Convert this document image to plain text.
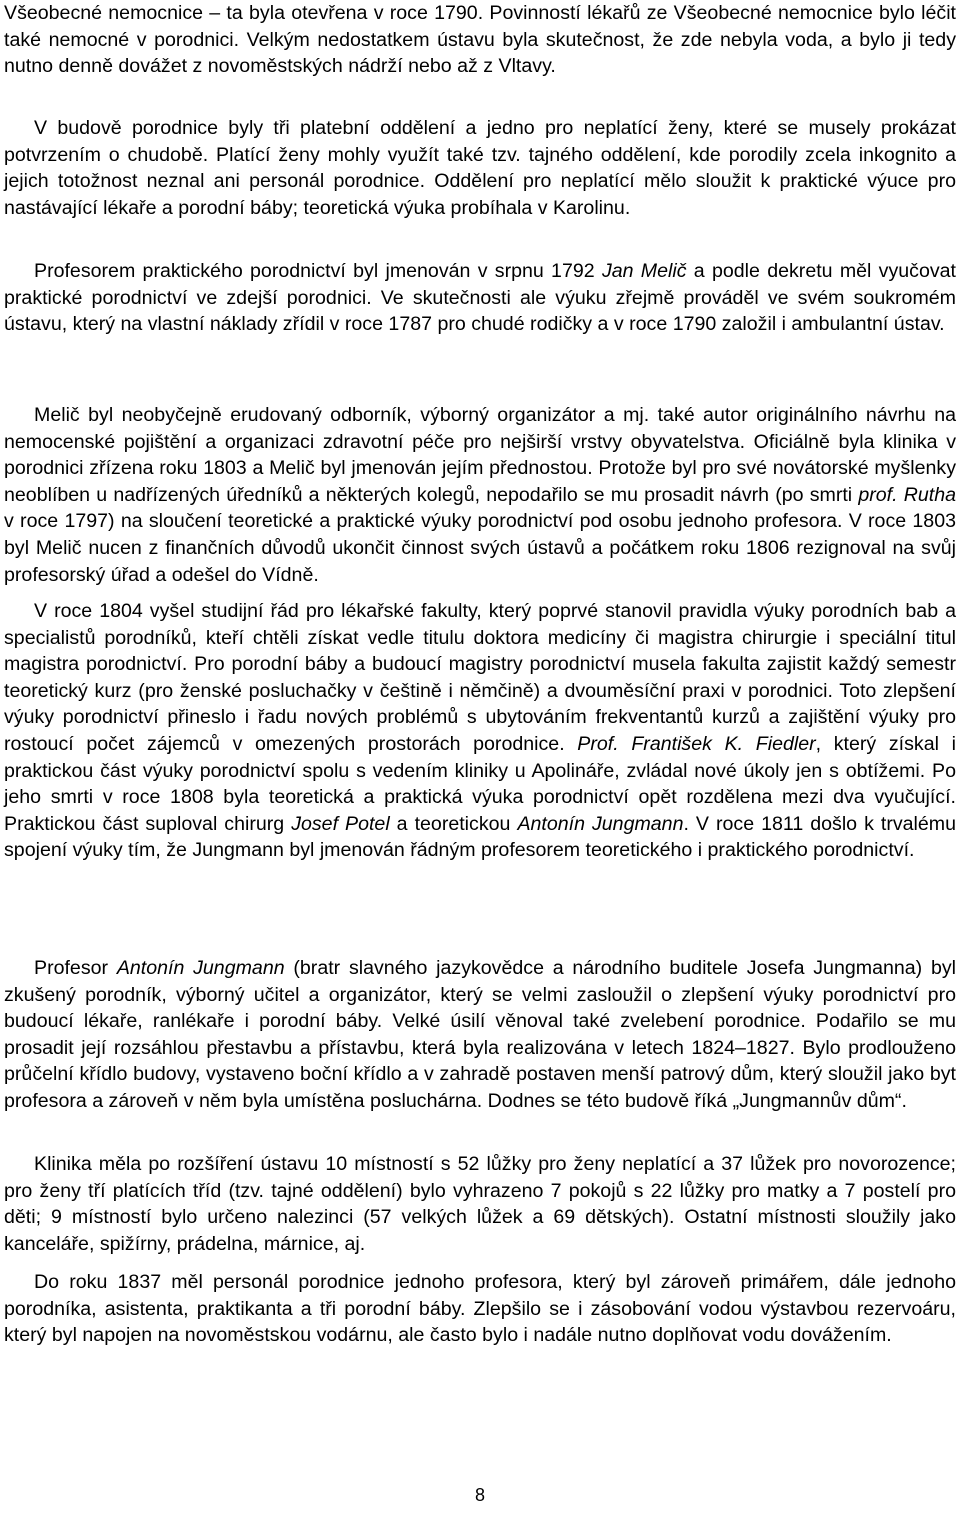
Všeobecné nemocnice – ta byla otevřena v roce 1790. Povinností lékařů ze Všeobecné nemocnice bylo léčit také nemocné v porodnici. Velkým nedostatkem ústavu byla skutečnost, že zde nebyla voda, a bylo ji tedy nutno denně dovážet z novoměstských nádrží nebo až z Vltavy.

V budově porodnice byly tři platební oddělení a jedno pro neplatící ženy, které se musely prokázat potvrzením o chudobě. Platící ženy mohly využít také tzv. tajného oddělení, kde porodily zcela inkognito a jejich totožnost neznal ani personál porodnice. Oddělení pro neplatící mělo sloužit k praktické výuce pro nastávající lékaře a porodní báby; teoretická výuka probíhala v Karolinu.

Profesorem praktického porodnictví byl jmenován v srpnu 1792 Jan Melič a podle dekretu měl vyučovat praktické porodnictví ve zdejší porodnici. Ve skutečnosti ale výuku zřejmě prováděl ve svém soukromém ústavu, který na vlastní náklady zřídil v roce 1787 pro chudé rodičky a v roce 1790 založil i ambulantní ústav.

Melič byl neobyčejně erudovaný odborník, výborný organizátor a mj. také autor originálního návrhu na nemocenské pojištění a organizaci zdravotní péče pro nejširší vrstvy obyvatelstva. Oficiálně byla klinika v porodnici zřízena roku 1803 a Melič byl jmenován jejím přednostou. Protože byl pro své novátorské myšlenky neoblíben u nadřízených úředníků a některých kolegů, nepodařilo se mu prosadit návrh (po smrti prof. Rutha v roce 1797) na sloučení teoretické a praktické výuky porodnictví pod osobu jednoho profesora. V roce 1803 byl Melič nucen z finančních důvodů ukončit činnost svých ústavů a počátkem roku 1806 rezignoval na svůj profesorský úřad a odešel do Vídně.

V roce 1804 vyšel studijní řád pro lékařské fakulty, který poprvé stanovil pravidla výuky porodních bab a specialistů porodníků, kteří chtěli získat vedle titulu doktora medicíny či magistra chirurgie i speciální titul magistra porodnictví. Pro porodní báby a budoucí magistry porodnictví musela fakulta zajistit každý semestr teoretický kurz (pro ženské posluchačky v češtině i němčině) a dvouměsíční praxi v porodnici. Toto zlepšení výuky porodnictví přineslo i řadu nových problémů s ubytováním frekventantů kurzů a zajištění výuky pro rostoucí počet zájemců v omezených prostorách porodnice. Prof. František K. Fiedler, který získal i praktickou část výuky porodnictví spolu s vedením kliniky u Apolináře, zvládal nové úkoly jen s obtížemi. Po jeho smrti v roce 1808 byla teoretická a praktická výuka porodnictví opět rozdělena mezi dva vyučující. Praktickou část suploval chirurg Josef Potel a teoretickou Antonín Jungmann. V roce 1811 došlo k trvalému spojení výuky tím, že Jungmann byl jmenován řádným profesorem teoretického i praktického porodnictví.

Profesor Antonín Jungmann (bratr slavného jazykovědce a národního buditele Josefa Jungmanna) byl zkušený porodník, výborný učitel a organizátor, který se velmi zasloužil o zlepšení výuky porodnictví pro budoucí lékaře, ranlékaře i porodní báby. Velké úsilí věnoval také zvelebení porodnice. Podařilo se mu prosadit její rozsáhlou přestavbu a přístavbu, která byla realizována v letech 1824–1827. Bylo prodlouženo průčelní křídlo budovy, vystaveno boční křídlo a v zahradě postaven menší patrový dům, který sloužil jako byt profesora a zároveň v něm byla umístěna posluchárna. Dodnes se této budově říká „Jungmannův dům“.

Klinika měla po rozšíření ústavu 10 místností s 52 lůžky pro ženy neplatící a 37 lůžek pro novorozence; pro ženy tří platících tříd (tzv. tajné oddělení) bylo vyhrazeno 7 pokojů s 22 lůžky pro matky a 7 postelí pro děti; 9 místností bylo určeno nalezinci (57 velkých lůžek a 69 dětských). Ostatní místnosti sloužily jako kanceláře, spižírny, prádelna, márnice, aj.

Do roku 1837 měl personál porodnice jednoho profesora, který byl zároveň primářem, dále jednoho porodníka, asistenta, praktikanta a tři porodní báby. Zlepšilo se i zásobování vodou výstavbou rezervoáru, který byl napojen na novoměstskou vodárnu, ale často bylo i nadále nutno doplňovat vodu dovážením.

8
